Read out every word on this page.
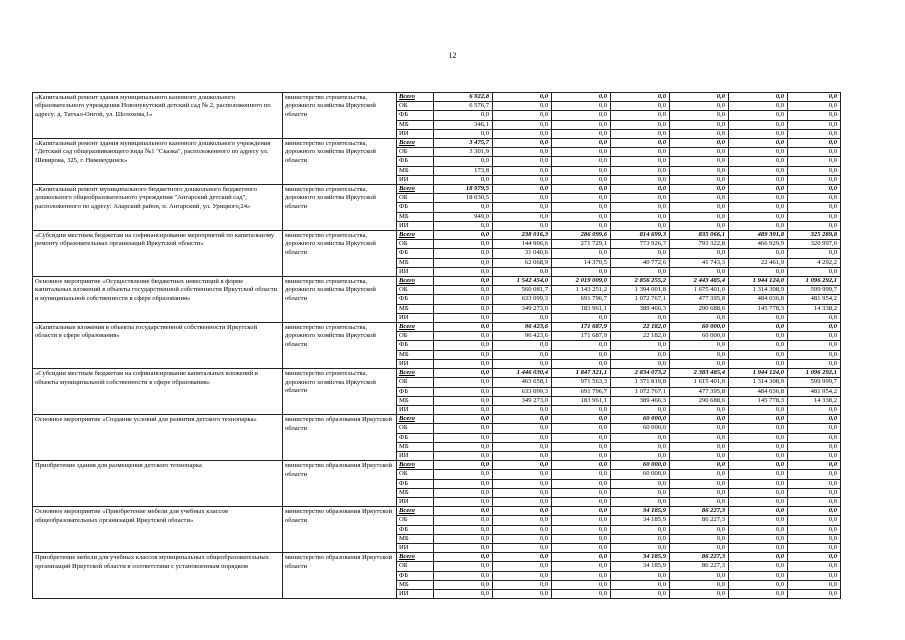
12
«Капитальный ремонт здания муниципального казенного дошкольного образовательного учреждения Новонукутский детский сад № 2, расположенного по адресу: д. Татхал-Онгой, ул. Шолохова,1»	министерство строительства, дорожного хозяйства Иркутской области	Всего	6 922,8	0,0	0,0	0,0	0,0	0,0	0,0
		ОБ	6 576,7	0,0	0,0	0,0	0,0	0,0	0,0
		ФБ	0,0	0,0	0,0	0,0	0,0	0,0	0,0
		МБ	346,1	0,0	0,0	0,0	0,0	0,0	0,0
		ИИ	0,0	0,0	0,0	0,0	0,0	0,0	0,0
«Капитальный ремонт здания муниципального казенного дошкольного учреждения "Детский сад общеразвивающего вида №1 "Сказка", расположенного по адресу ул. Шевирова, 325, г. Нижнеудинск»	министерство строительства, дорожного хозяйства Иркутской области	Всего	3 475,7	0,0	0,0	0,0	0,0	0,0	0,0
		ОБ	3 301,9	0,0	0,0	0,0	0,0	0,0	0,0
		ФБ	0,0	0,0	0,0	0,0	0,0	0,0	0,0
		МБ	173,8	0,0	0,0	0,0	0,0	0,0	0,0
		ИИ	0,0	0,0	0,0	0,0	0,0	0,0	0,0
«Капитальный ремонт муниципального бюджетного дошкольного бюджетного дошкольного общеобразовательного учреждения "Ангарский детский сад", расположенного по адресу: Аларский район, п. Ангарский, ул. Урицкого,24»	министерство строительства, дорожного хозяйства Иркутской области	Всего	18 979,5	0,0	0,0	0,0	0,0	0,0	0,0
		ОБ	18 030,5	0,0	0,0	0,0	0,0	0,0	0,0
		ФБ	0,0	0,0	0,0	0,0	0,0	0,0	0,0
		МБ	949,0	0,0	0,0	0,0	0,0	0,0	0,0
		ИИ	0,0	0,0	0,0	0,0	0,0	0,0	0,0
«Субсидии местным бюджетам на софинансирование мероприятий по капитальному ремонту образовательных организаций Иркутской области»	министерство строительства, дорожного хозяйства Иркутской области	Всего	0,0	238 016,3	286 099,6	814 699,3	835 066,1	489 391,8	325 289,8
		ОБ	0,0	144 906,6	271 729,1	773 926,7	793 322,8	466 929,9	320 997,6
		ФБ	0,0	31 040,6	0,0	0,0	0,0	0,0	0,0
		МБ	0,0	62 068,9	14 370,5	40 772,6	41 743,3	22 461,9	4 292,2
		ИИ	0,0	0,0	0,0	0,0	0,0	0,0	0,0
Основное мероприятие «Осуществление бюджетных инвестиций в форме капитальных вложений в объекты государственной собственности Иркутской области и муниципальной собственности в сфере образования»	министерство строительства, дорожного хозяйства Иркутской области	Всего	0,0	1 542 454,0	2 019 009,0	2 856 255,2	2 443 485,4	1 944 124,0	1 096 292,1
		ОБ	0,0	560 081,7	1 143 251,2	1 394 001,8	1 675 401,0	1 314 308,9	599 999,7
		ФБ	0,0	633 099,3	691 796,7	1 072 767,1	477 395,8	484 036,8	481 954,2
		МБ	0,0	349 273,0	183 961,1	389 466,3	290 688,6	145 778,3	14 338,2
		ИИ	0,0	0,0	0,0	0,0	0,0	0,0	0,0
«Капитальные вложения в объекты государственной собственности Иркутской области в сфере образования»	министерство строительства, дорожного хозяйства Иркутской области	Всего	0,0	96 423,6	171 687,9	22 182,0	60 000,0	0,0	0,0
		ОБ	0,0	96 423,6	171 687,9	22 182,0	60 000,0	0,0	0,0
		ФБ	0,0	0,0	0,0	0,0	0,0	0,0	0,0
		МБ	0,0	0,0	0,0	0,0	0,0	0,0	0,0
		ИИ	0,0	0,0	0,0	0,0	0,0	0,0	0,0
«Субсидии местным бюджетам на софинансирование капитальных вложений в объекты муниципальной собственности в сфере образования»	министерство строительства, дорожного хозяйства Иркутской области	Всего	0,0	1 446 030,4	1 847 321,1	2 834 073,2	2 383 485,4	1 944 124,0	1 096 292,1
		ОБ	0,0	463 658,1	971 563,3	1 371 819,8	1 615 401,0	1 314 308,9	599 999,7
		ФБ	0,0	633 099,3	691 796,7	1 072 767,1	477 395,8	484 036,8	481 954,2
		МБ	0,0	349 273,0	183 961,1	389 466,3	290 688,6	145 778,3	14 338,2
		ИИ	0,0	0,0	0,0	0,0	0,0	0,0	0,0
Основное мероприятие «Создание условий для развития детского технопарка»	министерство образования Иркутской области	Всего	0,0	0,0	0,0	60 000,0	0,0	0,0	0,0
		ОБ	0,0	0,0	0,0	60 000,0	0,0	0,0	0,0
		ФБ	0,0	0,0	0,0	0,0	0,0	0,0	0,0
		МБ	0,0	0,0	0,0	0,0	0,0	0,0	0,0
		ИИ	0,0	0,0	0,0	0,0	0,0	0,0	0,0
Приобретение здания для размещения детского технопарка	министерство образования Иркутской области	Всего	0,0	0,0	0,0	60 000,0	0,0	0,0	0,0
		ОБ	0,0	0,0	0,0	60 000,0	0,0	0,0	0,0
		ФБ	0,0	0,0	0,0	0,0	0,0	0,0	0,0
		МБ	0,0	0,0	0,0	0,0	0,0	0,0	0,0
		ИИ	0,0	0,0	0,0	0,0	0,0	0,0	0,0
Основное мероприятие «Приобретение мебели для учебных классов общеобразовательных организаций Иркутской области»	министерство образования Иркутской области	Всего	0,0	0,0	0,0	34 185,9	86 227,3	0,0	0,0
		ОБ	0,0	0,0	0,0	34 185,9	86 227,3	0,0	0,0
		ФБ	0,0	0,0	0,0	0,0	0,0	0,0	0,0
		МБ	0,0	0,0	0,0	0,0	0,0	0,0	0,0
		ИИ	0,0	0,0	0,0	0,0	0,0	0,0	0,0
Приобретение мебели для учебных классов муниципальных общеобразовательных организаций Иркутской области в соответствии с установленным порядком	министерство образования Иркутской области	Всего	0,0	0,0	0,0	34 185,9	86 227,3	0,0	0,0
		ОБ	0,0	0,0	0,0	34 185,9	86 227,3	0,0	0,0
		ФБ	0,0	0,0	0,0	0,0	0,0	0,0	0,0
		МБ	0,0	0,0	0,0	0,0	0,0	0,0	0,0
		ИИ	0,0	0,0	0,0	0,0	0,0	0,0	0,0
